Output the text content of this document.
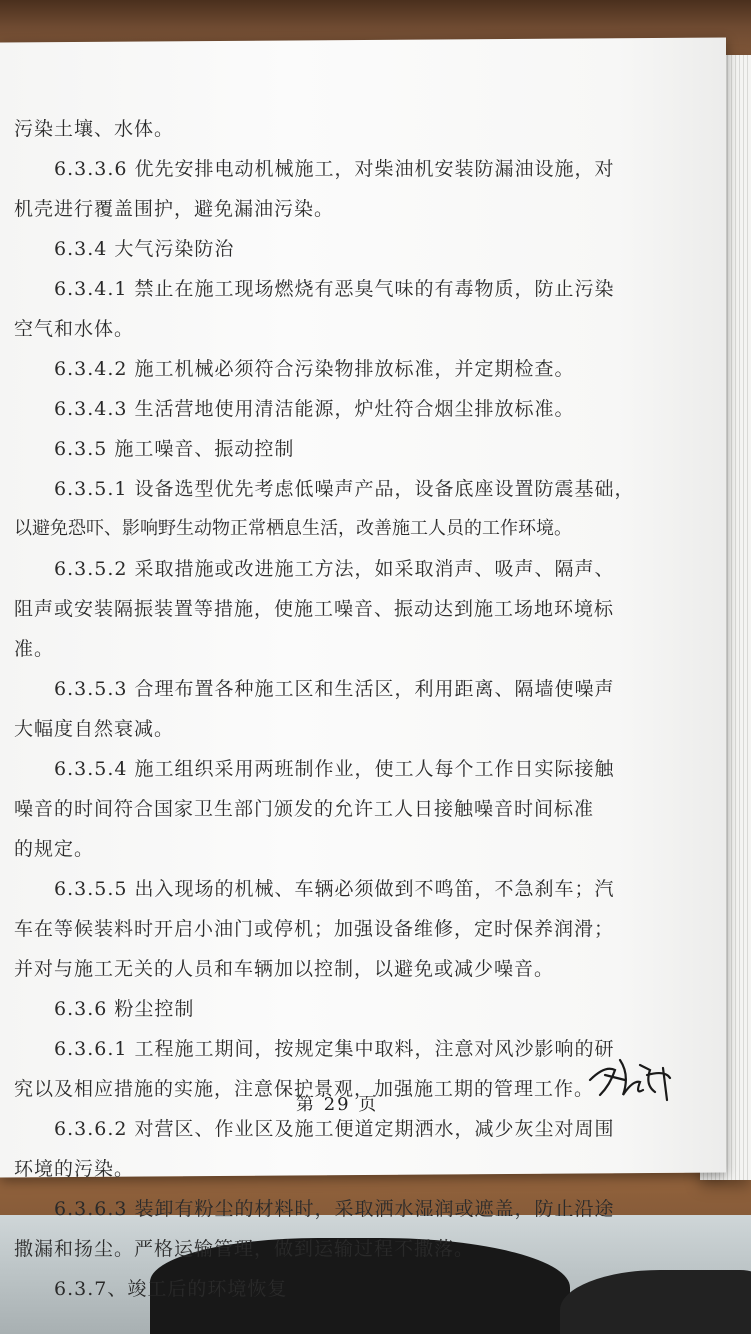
污染土壤、水体。
6.3.3.6 优先安排电动机械施工，对柴油机安装防漏油设施，对
机壳进行覆盖围护，避免漏油污染。
6.3.4 大气污染防治
6.3.4.1 禁止在施工现场燃烧有恶臭气味的有毒物质，防止污染
空气和水体。
6.3.4.2 施工机械必须符合污染物排放标准，并定期检查。
6.3.4.3 生活营地使用清洁能源，炉灶符合烟尘排放标准。
6.3.5 施工噪音、振动控制
6.3.5.1 设备选型优先考虑低噪声产品，设备底座设置防震基础，
以避免恐吓、影响野生动物正常栖息生活，改善施工人员的工作环境。
6.3.5.2 采取措施或改进施工方法，如采取消声、吸声、隔声、
阻声或安装隔振装置等措施，使施工噪音、振动达到施工场地环境标
准。
6.3.5.3 合理布置各种施工区和生活区，利用距离、隔墙使噪声
大幅度自然衰减。
6.3.5.4 施工组织采用两班制作业，使工人每个工作日实际接触
噪音的时间符合国家卫生部门颁发的允许工人日接触噪音时间标准
的规定。
6.3.5.5 出入现场的机械、车辆必须做到不鸣笛，不急刹车；汽
车在等候装料时开启小油门或停机；加强设备维修，定时保养润滑；
并对与施工无关的人员和车辆加以控制，以避免或减少噪音。
6.3.6 粉尘控制
6.3.6.1 工程施工期间，按规定集中取料，注意对风沙影响的研
究以及相应措施的实施，注意保护景观，加强施工期的管理工作。
6.3.6.2 对营区、作业区及施工便道定期洒水，减少灰尘对周围
环境的污染。
6.3.6.3 装卸有粉尘的材料时，采取洒水湿润或遮盖，防止沿途
撒漏和扬尘。严格运输管理，做到运输过程不撒落。
6.3.7、竣工后的环境恢复
第 29 页
